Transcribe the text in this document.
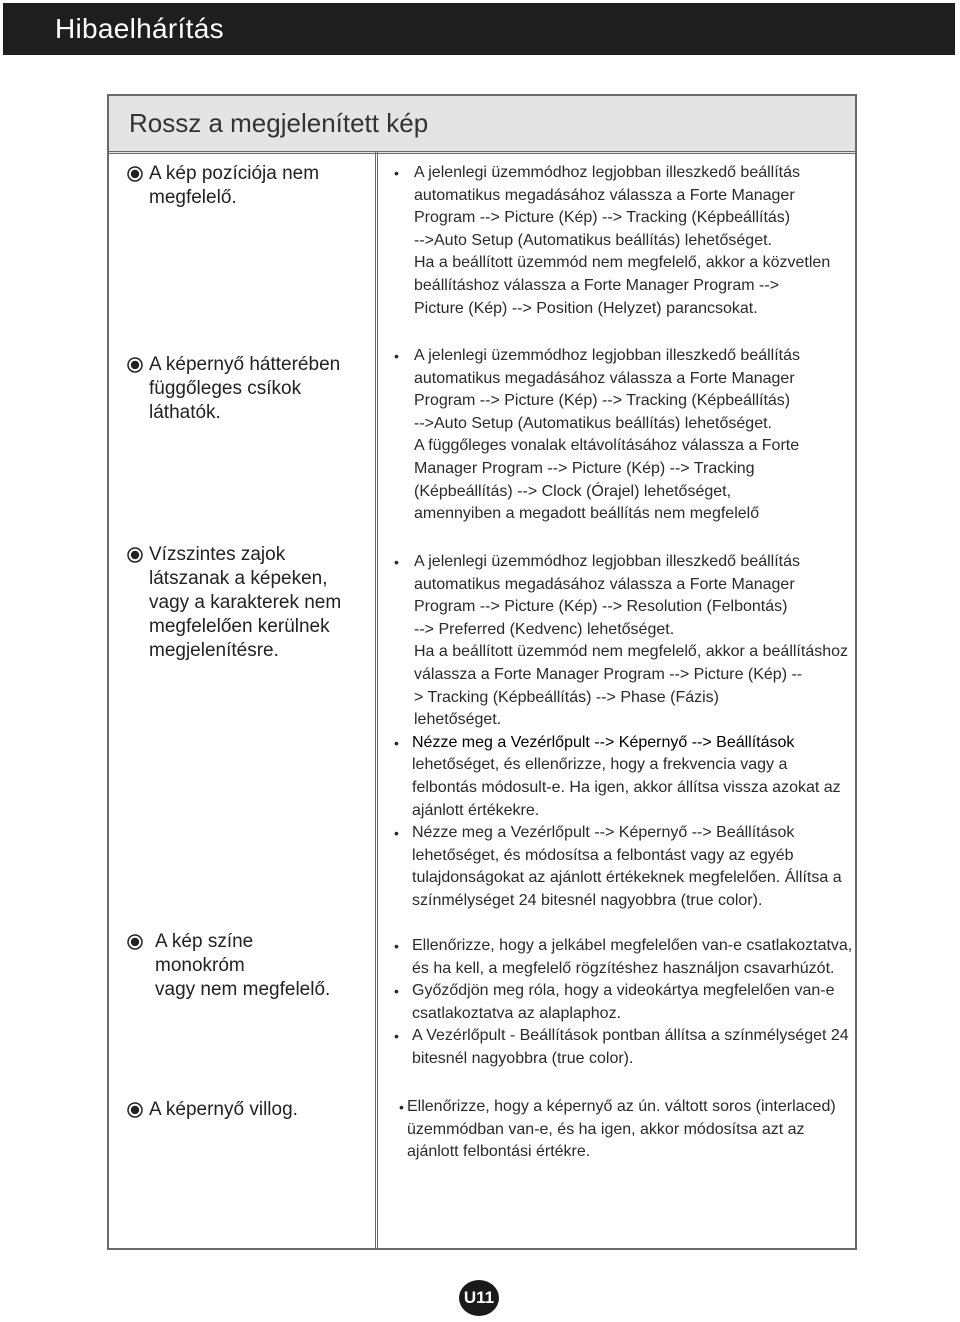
Hibaelhárítás
Rossz a megjelenített kép
A kép pozíciója nem
megfelelő.
• A jelenlegi üzemmódhoz legjobban illeszkedő beállítás
automatikus megadásához válassza a Forte Manager
Program --> Picture (Kép) --> Tracking (Képbeállítás)
-->Auto Setup (Automatikus beállítás) lehetőséget.
Ha a beállított üzemmód nem megfelelő, akkor a közvetlen
beállításhoz válassza a Forte Manager Program -->
Picture (Kép) --> Position (Helyzet) parancsokat.
A képernyő hátterében
függőleges csíkok
láthatók.
• A jelenlegi üzemmódhoz legjobban illeszkedő beállítás
automatikus megadásához válassza a Forte Manager
Program --> Picture (Kép) --> Tracking (Képbeállítás)
-->Auto Setup (Automatikus beállítás) lehetőséget.
A függőleges vonalak eltávolításához válassza a Forte
Manager Program --> Picture (Kép) --> Tracking
(Képbeállítás) --> Clock (Órajel) lehetőséget,
amennyiben a megadott beállítás nem megfelelő
Vízszintes zajok
látszanak a képeken,
vagy a karakterek nem
megfelelően kerülnek
megjelenítésre.
• A jelenlegi üzemmódhoz legjobban illeszkedő beállítás
automatikus megadásához válassza a Forte Manager
Program --> Picture (Kép) --> Resolution (Felbontás)
--> Preferred (Kedvenc) lehetőséget.
Ha a beállított üzemmód nem megfelelő, akkor a beállításhoz
válassza a Forte Manager Program --> Picture (Kép) --
> Tracking (Képbeállítás) --> Phase (Fázis)
lehetőséget.
• Nézze meg a Vezérlőpult --> Képernyő --> Beállítások
lehetőséget, és ellenőrizze, hogy a frekvencia vagy a
felbontás módosult-e. Ha igen, akkor állítsa vissza azokat az
ajánlott értékekre.
• Nézze meg a Vezérlőpult --> Képernyő --> Beállítások
lehetőséget, és módosítsa a felbontást vagy az egyéb
tulajdonságokat az ajánlott értékeknek megfelelően. Állítsa a
színmélységet 24 bitesnél nagyobbra (true color).
A kép színe monokróm
vagy nem megfelelő.
• Ellenőrizze, hogy a jelkábel megfelelően van-e csatlakoztatva,
és ha kell, a megfelelő rögzítéshez használjon csavarhúzót.
• Győződjön meg róla, hogy a videokártya megfelelően van-e
csatlakoztatva az alaplaphoz.
• A Vezérlőpult - Beállítások pontban állítsa a színmélységet 24
bitesnél nagyobbra (true color).
A képernyő villog.	• Ellenőrizze, hogy a képernyő az ún. váltott soros (interlaced)
üzemmódban van-e, és ha igen, akkor módosítsa azt az
ajánlott felbontási értékre.
U11
